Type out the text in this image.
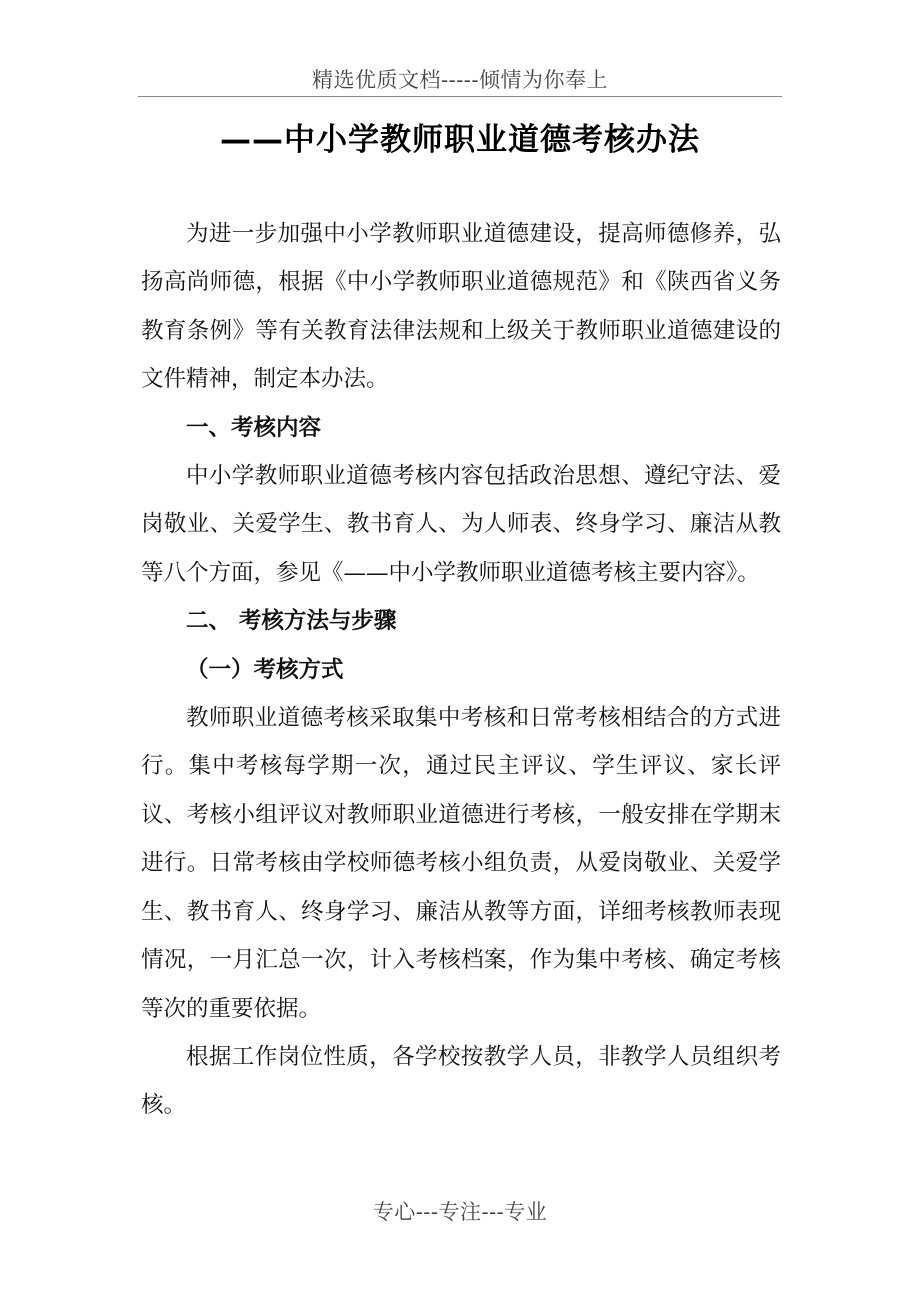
精选优质文档-----倾情为你奉上
——中小学教师职业道德考核办法

为进一步加强中小学教师职业道德建设，提高师德修养，弘扬高尚师德，根据《中小学教师职业道德规范》和《陕西省义务教育条例》等有关教育法律法规和上级关于教师职业道德建设的文件精神，制定本办法。

一、考核内容

中小学教师职业道德考核内容包括政治思想、遵纪守法、爱岗敬业、关爱学生、教书育人、为人师表、终身学习、廉洁从教等八个方面，参见《——中小学教师职业道德考核主要内容》。

二、 考核方法与步骤

（一）考核方式

教师职业道德考核采取集中考核和日常考核相结合的方式进行。集中考核每学期一次，通过民主评议、学生评议、家长评议、考核小组评议对教师职业道德进行考核，一般安排在学期末进行。日常考核由学校师德考核小组负责，从爱岗敬业、关爱学生、教书育人、终身学习、廉洁从教等方面，详细考核教师表现情况，一月汇总一次，计入考核档案，作为集中考核、确定考核等次的重要依据。

根据工作岗位性质，各学校按教学人员，非教学人员组织考核。

专心---专注---专业
